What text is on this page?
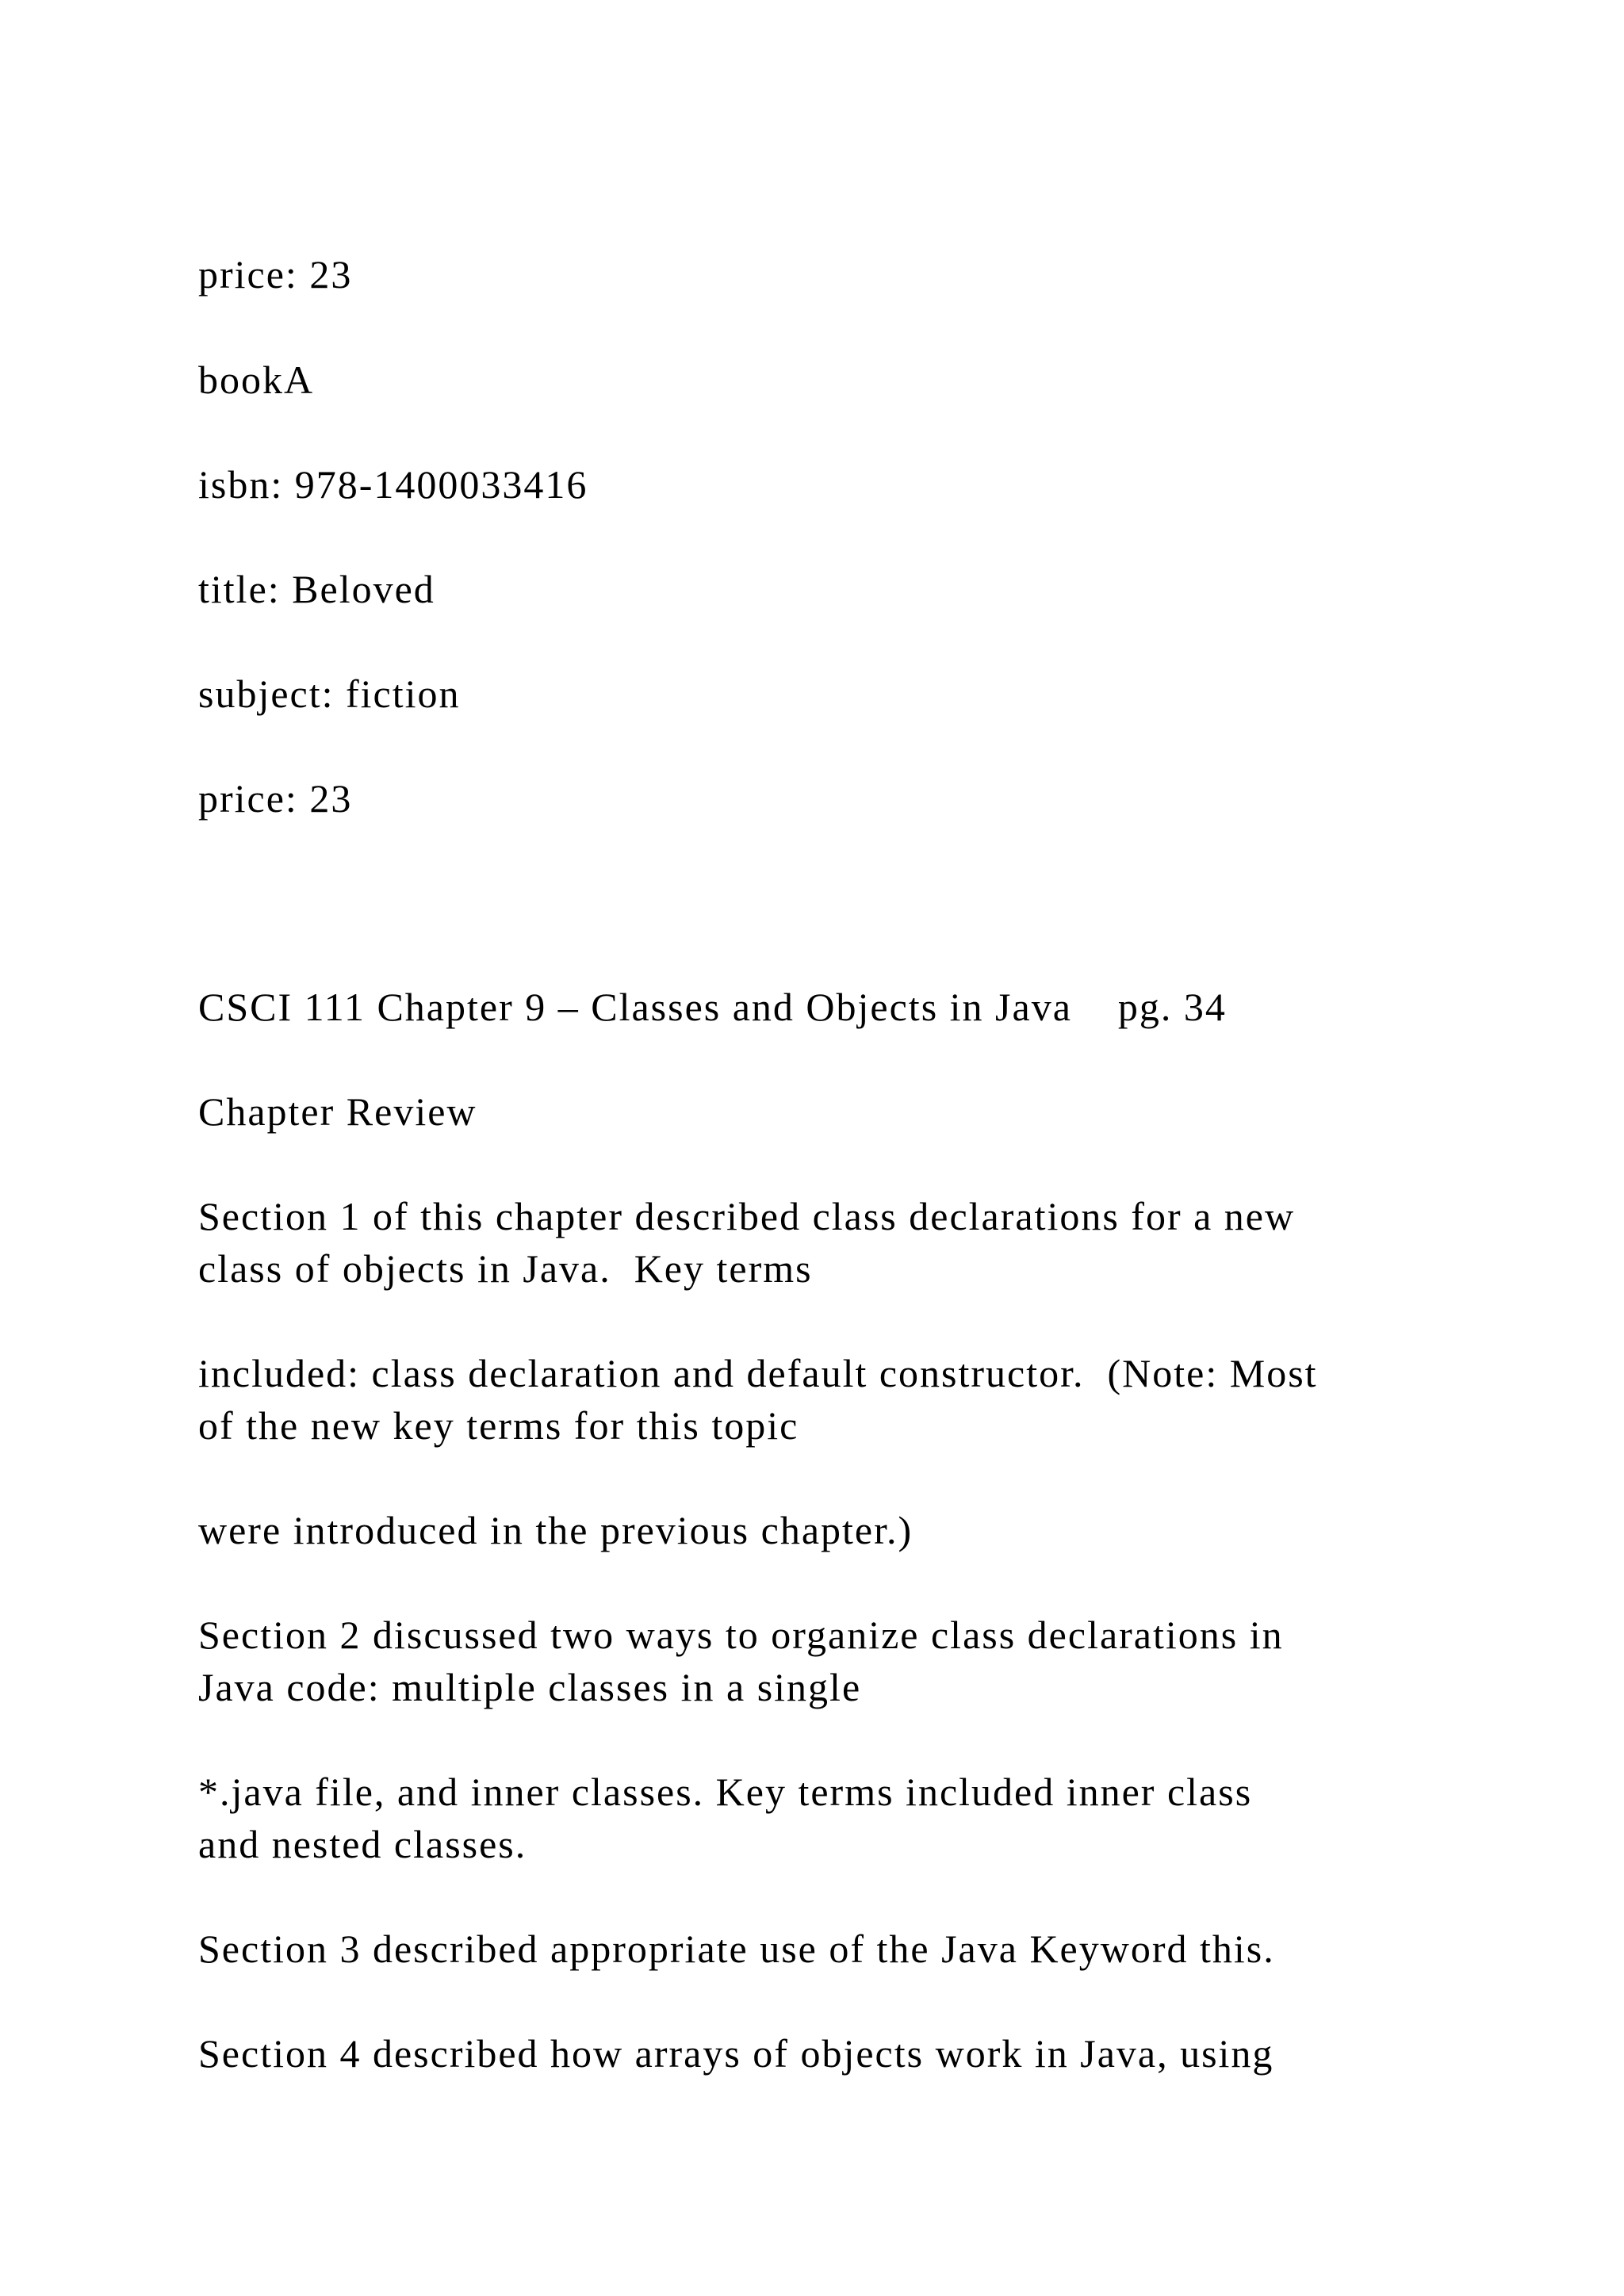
price: 23
bookA
isbn: 978-1400033416
title: Beloved
subject: fiction
price: 23
CSCI 111 Chapter 9 – Classes and Objects in Java    pg. 34
Chapter Review
Section 1 of this chapter described class declarations for a new
class of objects in Java.  Key terms
included: class declaration and default constructor.  (Note: Most
of the new key terms for this topic
were introduced in the previous chapter.)
Section 2 discussed two ways to organize class declarations in
Java code: multiple classes in a single
*.java file, and inner classes. Key terms included inner class
and nested classes.
Section 3 described appropriate use of the Java Keyword this.
Section 4 described how arrays of objects work in Java, using
